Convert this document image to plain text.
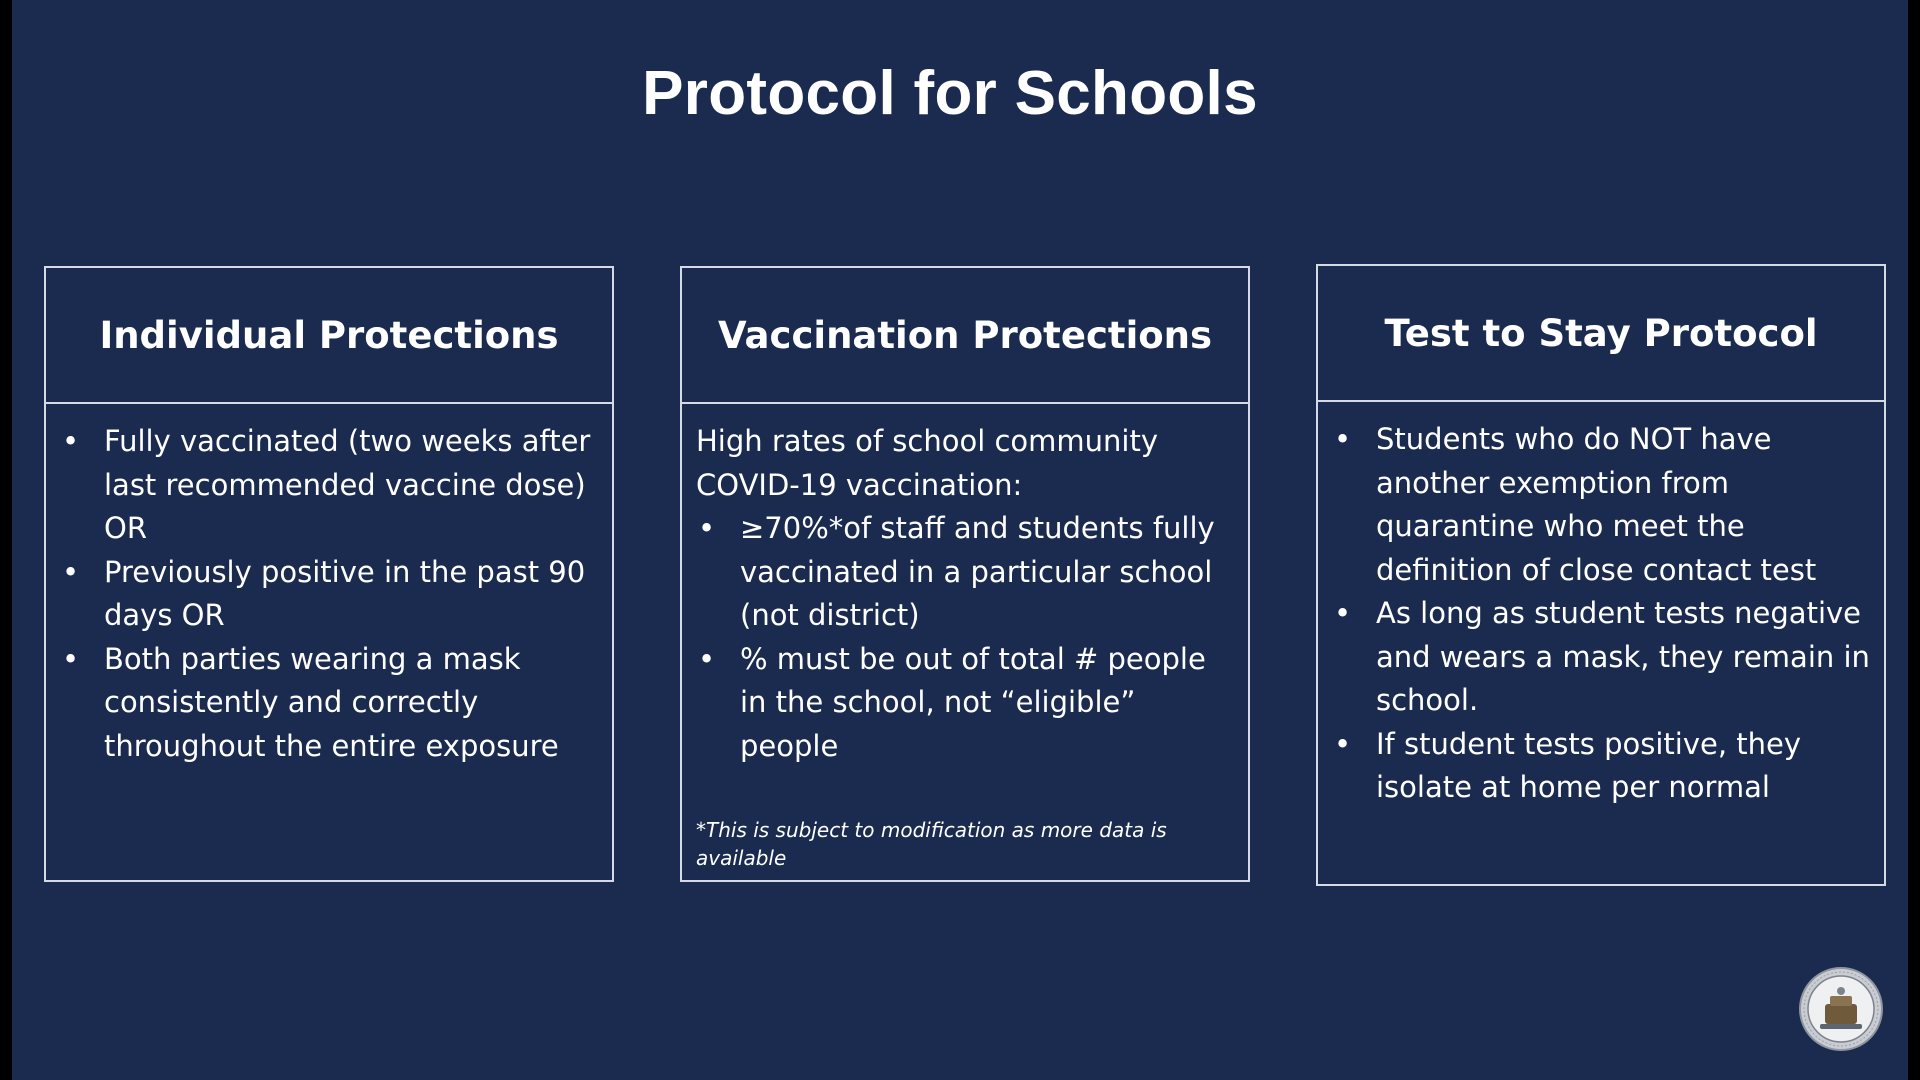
Protocol for Schools
Individual Protections
• Fully vaccinated (two weeks after last recommended vaccine dose) OR
• Previously positive in the past 90 days OR
• Both parties wearing a mask consistently and correctly throughout the entire exposure
Vaccination Protections
High rates of school community COVID-19 vaccination:
• ≥70%*of staff and students fully vaccinated in a particular school (not district)
• % must be out of total # people in the school, not “eligible” people
*This is subject to modification as more data is available
Test to Stay Protocol
• Students who do NOT have another exemption from quarantine who meet the definition of close contact test
• As long as student tests negative and wears a mask, they remain in school.
• If student tests positive, they isolate at home per normal
